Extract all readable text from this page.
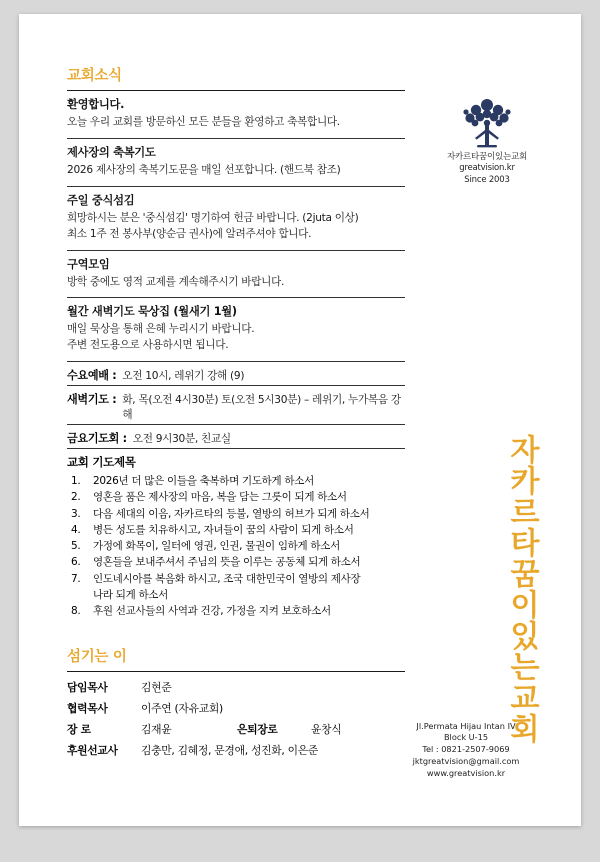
교회소식
환영합니다.
오늘 우리 교회를 방문하신 모든 분들을 환영하고 축복합니다.
제사장의 축복기도
2026 제사장의 축복기도문을 매일 선포합니다. (핸드북 참조)
주일 중식섬김
희망하시는 분은 '중식섬김' 명기하여 헌금 바랍니다. (2juta 이상)
최소 1주 전 봉사부(양순금 권사)에 알려주셔야 합니다.
구역모임
방학 중에도 영적 교제를 계속해주시기 바랍니다.
월간 새벽기도 묵상집 (월새기 1월)
매일 묵상을 통해 은혜 누리시기 바랍니다.
주변 전도용으로 사용하시면 됩니다.
수요예배 : 오전 10시, 레위기 강해 (9)
새벽기도 : 화, 목(오전 4시30분) 토(오전 5시30분) – 레위기, 누가복음 강해
금요기도회 : 오전 9시30분, 친교실
교회 기도제목
1.	2026년 더 많은 이들을 축복하며 기도하게 하소서
2.	영혼을 품은 제사장의 마음, 복을 담는 그릇이 되게 하소서
3.	다음 세대의 이음, 자카르타의 등불, 열방의 허브가 되게 하소서
4.	병든 성도를 치유하시고, 자녀들이 꿈의 사람이 되게 하소서
5.	가정에 화목이, 일터에 영권, 인권, 물권이 임하게 하소서
6.	영혼들을 보내주셔서 주님의 뜻을 이루는 공동체 되게 하소서
7.	인도네시아를 복음화 하시고, 조국 대한민국이 열방의 제사장
나라 되게 하소서
8.	후원 선교사들의 사역과 건강, 가정을 지켜 보호하소서
섬기는 이
담임목사	김현준		
협력목사	이주연 (자유교회)		
장 로	김재윤	은퇴장로	윤창식
후원선교사	김충만, 김혜정, 문경애, 성진화, 이은준		
자카르타꿈이있는교회
greatvision.kr
Since 2003
자카르타꿈이있는교회
Jl.Permata Hijau Intan IV
Block U-15
Tel : 0821-2507-9069
jktgreatvision@gmail.com
www.greatvision.kr
